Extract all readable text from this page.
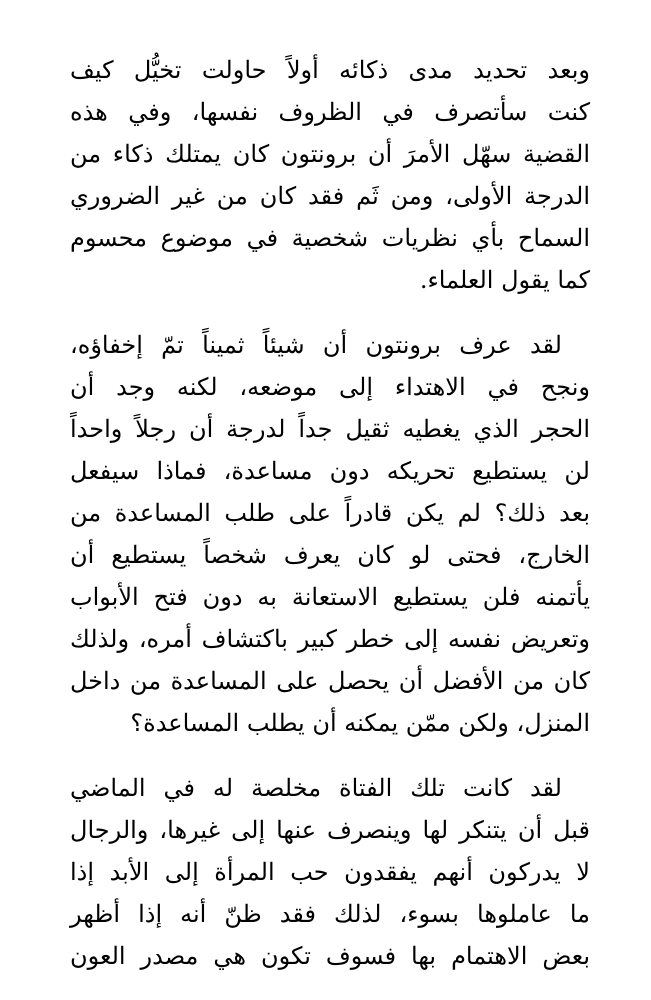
وبعد تحديد مدى ذكائه أولاً حاولت تخيُّل كيف
كنت سأتصرف في الظروف نفسها، وفي هذه
القضية سهّل الأمرَ أن برونتون كان يمتلك ذكاء من
الدرجة الأولى، ومن ثَم فقد كان من غير الضروري
السماح بأي نظريات شخصية في موضوع محسوم
كما يقول العلماء.

لقد عرف برونتون أن شيئاً ثميناً تمّ إخفاؤه،
ونجح في الاهتداء إلى موضعه، لكنه وجد أن
الحجر الذي يغطيه ثقيل جداً لدرجة أن رجلاً واحداً
لن يستطيع تحريكه دون مساعدة، فماذا سيفعل
بعد ذلك؟ لم يكن قادراً على طلب المساعدة من
الخارج، فحتى لو كان يعرف شخصاً يستطيع أن
يأتمنه فلن يستطيع الاستعانة به دون فتح الأبواب
وتعريض نفسه إلى خطر كبير باكتشاف أمره، ولذلك
كان من الأفضل أن يحصل على المساعدة من داخل
المنزل، ولكن ممّن يمكنه أن يطلب المساعدة؟

لقد كانت تلك الفتاة مخلصة له في الماضي
قبل أن يتنكر لها وينصرف عنها إلى غيرها، والرجال
لا يدركون أنهم يفقدون حب المرأة إلى الأبد إذا
ما عاملوها بسوء، لذلك فقد ظنّ أنه إذا أظهر
بعض الاهتمام بها فسوف تكون هي مصدر العون
